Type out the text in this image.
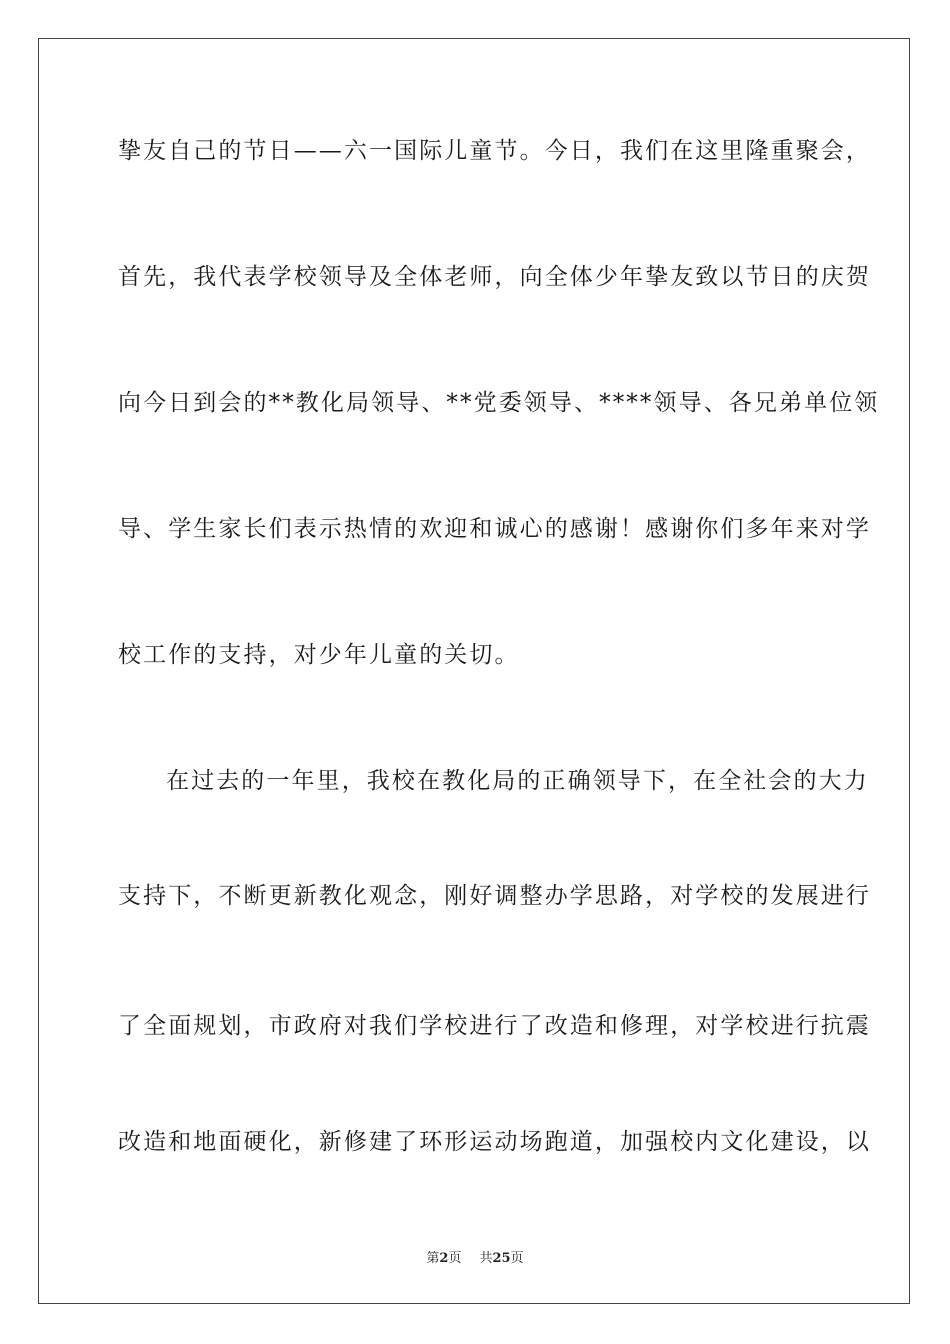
挚友自己的节日——六一国际儿童节。今日，我们在这里隆重聚会，
首先，我代表学校领导及全体老师，向全体少年挚友致以节日的庆贺
向今日到会的**教化局领导、**党委领导、****领导、各兄弟单位领
导、学生家长们表示热情的欢迎和诚心的感谢！感谢你们多年来对学
校工作的支持，对少年儿童的关切。
在过去的一年里，我校在教化局的正确领导下，在全社会的大力
支持下，不断更新教化观念，刚好调整办学思路，对学校的发展进行
了全面规划，市政府对我们学校进行了改造和修理，对学校进行抗震
改造和地面硬化，新修建了环形运动场跑道，加强校内文化建设，以
第2页 共25页
